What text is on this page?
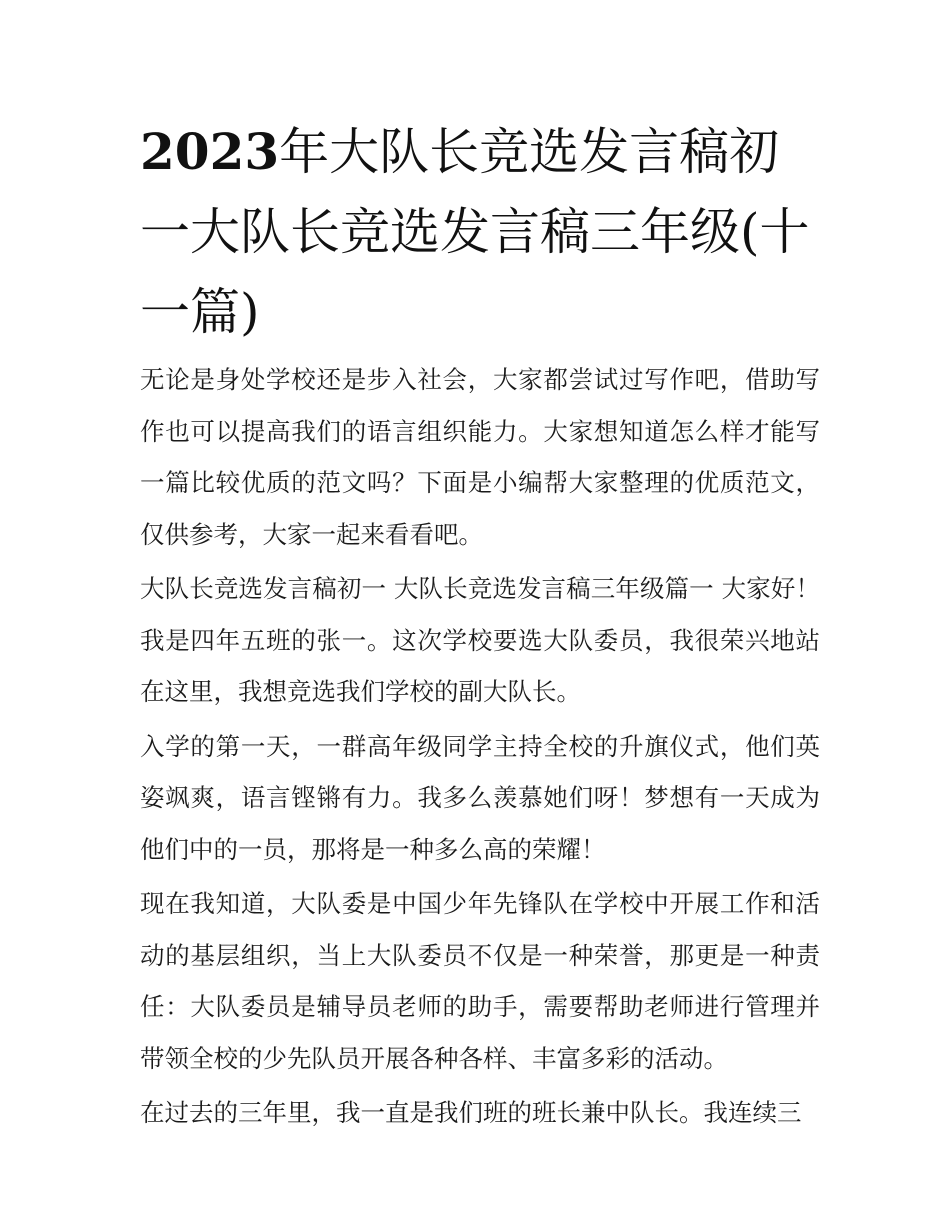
2023年大队长竞选发言稿初一大队长竞选发言稿三年级(十一篇)

无论是身处学校还是步入社会，大家都尝试过写作吧，借助写作也可以提高我们的语言组织能力。大家想知道怎么样才能写一篇比较优质的范文吗？下面是小编帮大家整理的优质范文，仅供参考，大家一起来看看吧。

大队长竞选发言稿初一 大队长竞选发言稿三年级篇一 大家好！ 我是四年五班的张一。这次学校要选大队委员，我很荣兴地站在这里，我想竞选我们学校的副大队长。

入学的第一天，一群高年级同学主持全校的升旗仪式，他们英姿飒爽，语言铿锵有力。我多么羡慕她们呀！梦想有一天成为他们中的一员，那将是一种多么高的荣耀！

现在我知道，大队委是中国少年先锋队在学校中开展工作和活动的基层组织，当上大队委员不仅是一种荣誉，那更是一种责任：大队委员是辅导员老师的助手，需要帮助老师进行管理并带领全校的少先队员开展各种各样、丰富多彩的活动。

在过去的三年里，我一直是我们班的班长兼中队长。我连续三
